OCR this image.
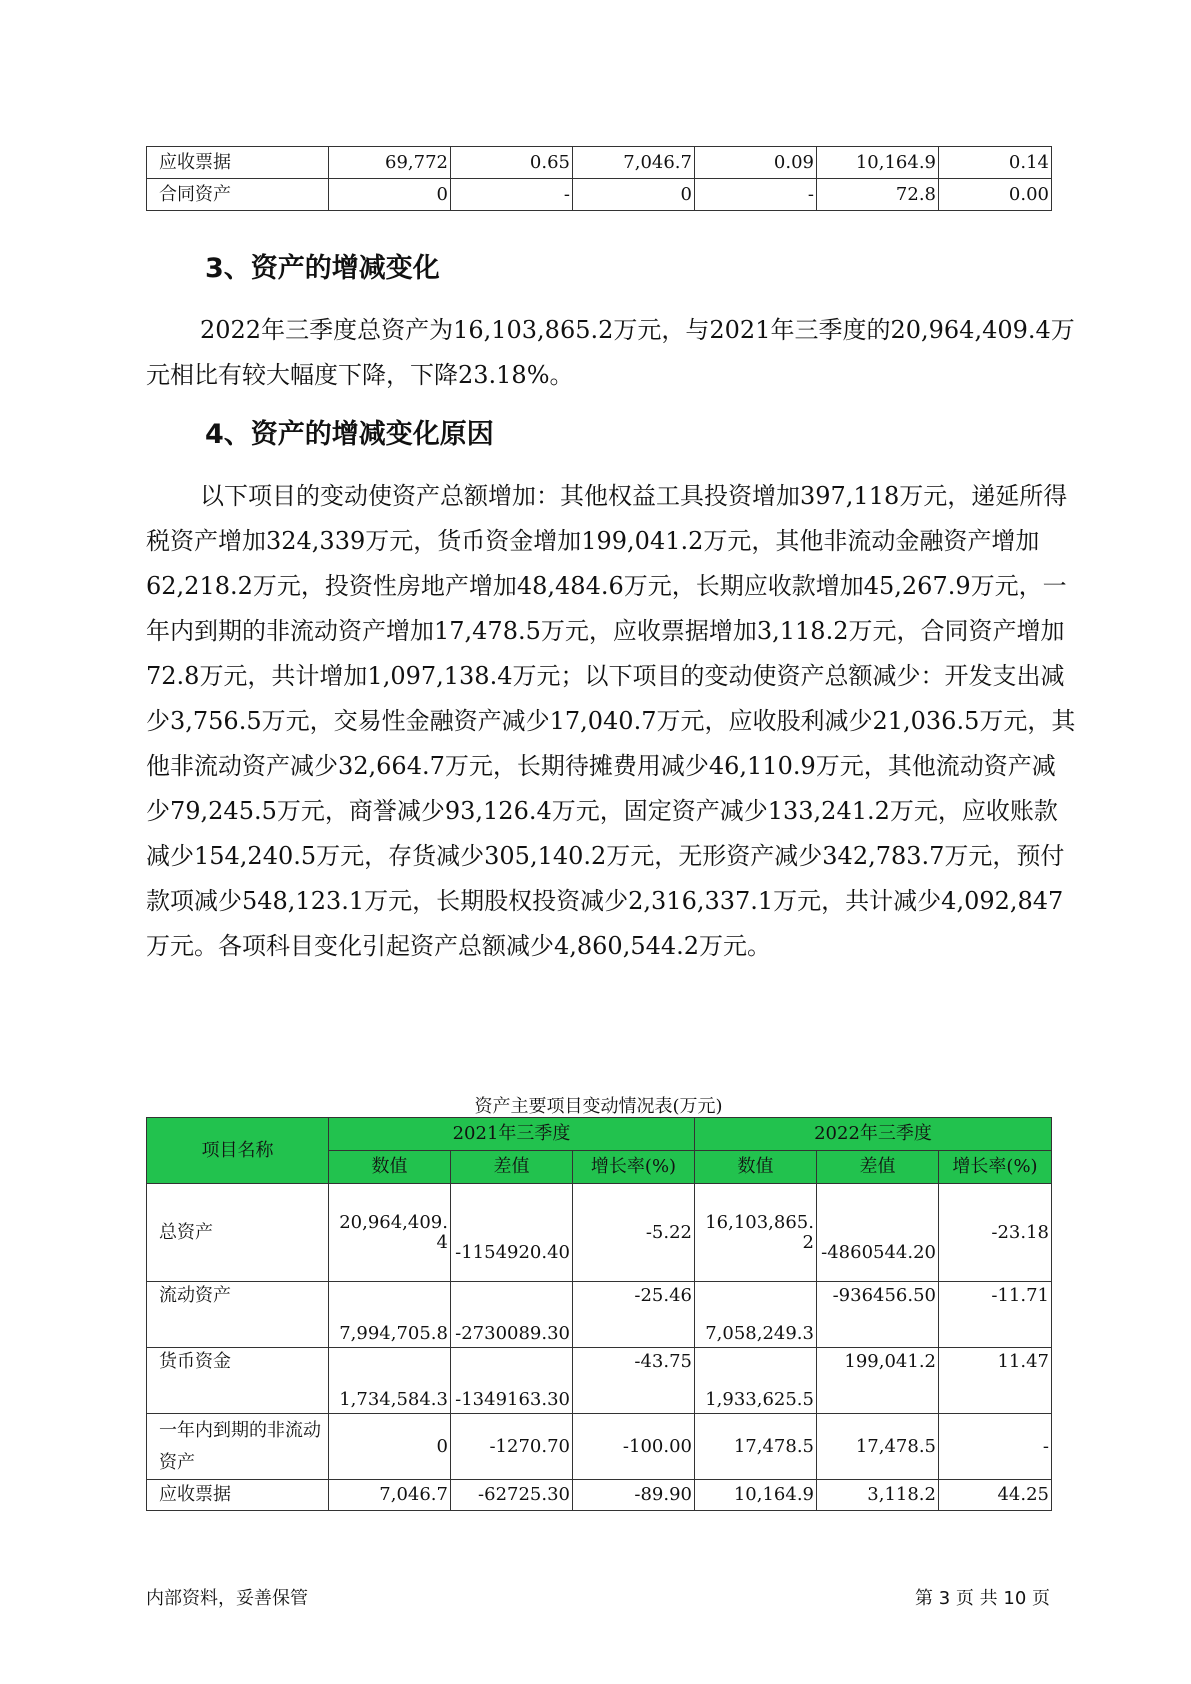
应收票据	69,772	0.65	7,046.7	0.09	10,164.9	0.14
合同资产	0	-	0	-	72.8	0.00
3、资产的增减变化

2022年三季度总资产为16,103,865.2万元，与2021年三季度的20,964,409.4万元相比有较大幅度下降，下降23.18%。

4、资产的增减变化原因

以下项目的变动使资产总额增加：其他权益工具投资增加397,118万元，递延所得税资产增加324,339万元，货币资金增加199,041.2万元，其他非流动金融资产增加62,218.2万元，投资性房地产增加48,484.6万元，长期应收款增加45,267.9万元，一年内到期的非流动资产增加17,478.5万元，应收票据增加3,118.2万元，合同资产增加72.8万元，共计增加1,097,138.4万元；以下项目的变动使资产总额减少：开发支出减少3,756.5万元，交易性金融资产减少17,040.7万元，应收股利减少21,036.5万元，其他非流动资产减少32,664.7万元，长期待摊费用减少46,110.9万元，其他流动资产减少79,245.5万元，商誉减少93,126.4万元，固定资产减少133,241.2万元，应收账款减少154,240.5万元，存货减少305,140.2万元，无形资产减少342,783.7万元，预付款项减少548,123.1万元，长期股权投资减少2,316,337.1万元，共计减少4,092,847万元。各项科目变化引起资产总额减少4,860,544.2万元。

资产主要项目变动情况表(万元)
项目名称	2021年三季度			2022年三季度		
	数值	差值	增长率(%)	数值	差值	增长率(%)
总资产	20,964,409.4	-1154920.40	-5.22	16,103,865.2	-4860544.20	-23.18
流动资产	7,994,705.8	-2730089.30	-25.46	7,058,249.3	-936456.50	-11.71
货币资金	1,734,584.3	-1349163.30	-43.75	1,933,625.5	199,041.2	11.47
一年内到期的非流动资产	0	-1270.70	-100.00	17,478.5	17,478.5	-
应收票据	7,046.7	-62725.30	-89.90	10,164.9	3,118.2	44.25
内部资料，妥善保管	第 3 页 共 10 页
